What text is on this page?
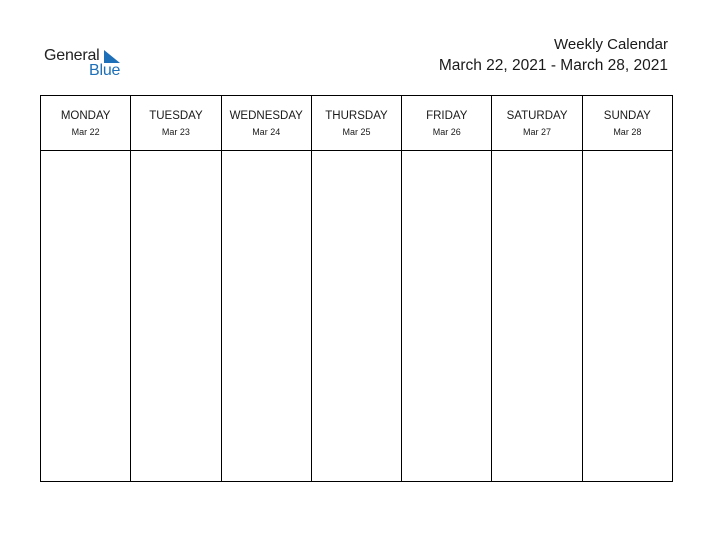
General
Blue
Weekly Calendar
March 22, 2021 - March 28, 2021
MONDAY
Mar 22
TUESDAY
Mar 23
WEDNESDAY
Mar 24
THURSDAY
Mar 25
FRIDAY
Mar 26
SATURDAY
Mar 27
SUNDAY
Mar 28
